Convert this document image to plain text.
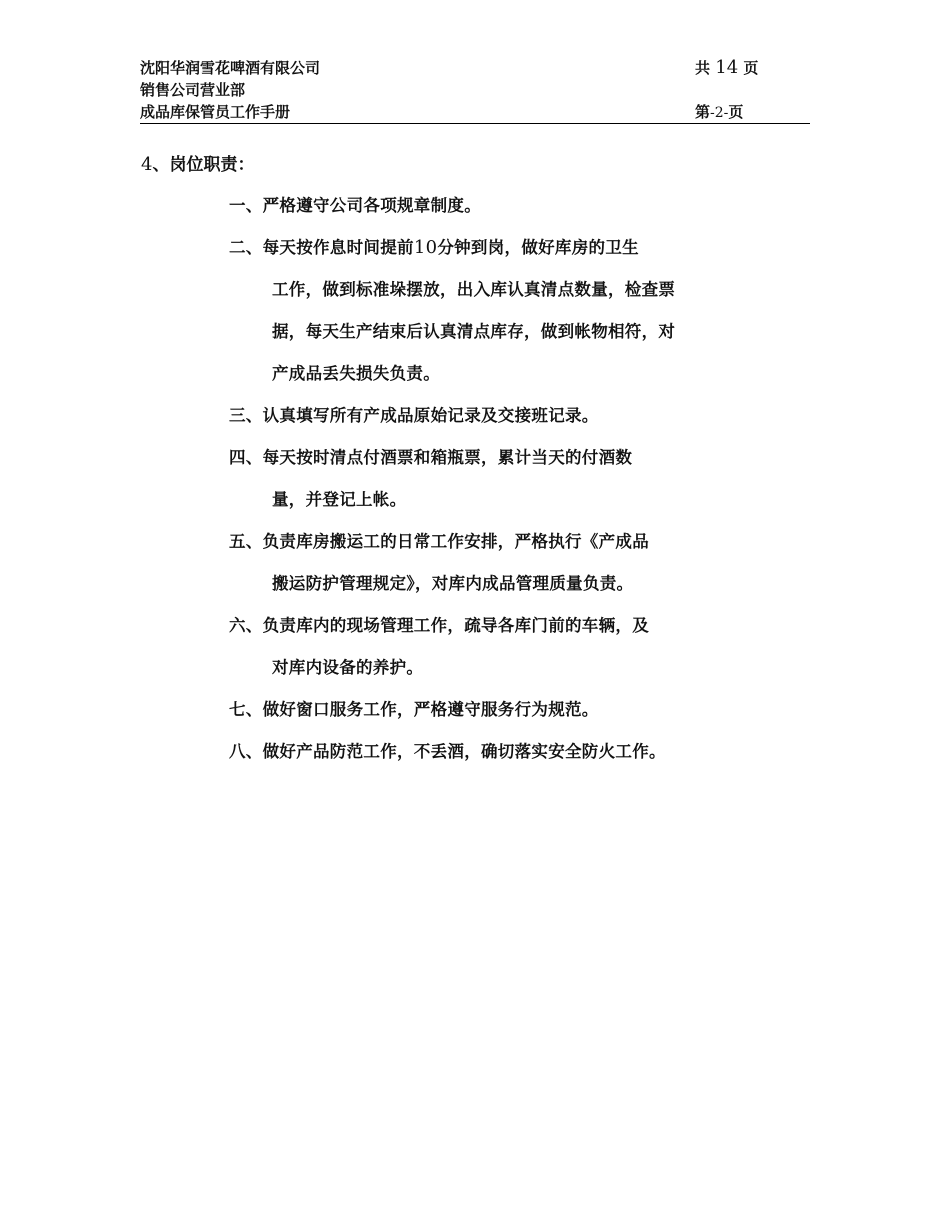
沈阳华润雪花啤酒有限公司
销售公司营业部
成品库保管员工作手册
共 14 页
第-2-页
4、岗位职责：
一、严格遵守公司各项规章制度。
二、每天按作息时间提前10分钟到岗，做好库房的卫生
工作，做到标准垛摆放，出入库认真清点数量，检查票
据，每天生产结束后认真清点库存，做到帐物相符，对
产成品丢失损失负责。
三、认真填写所有产成品原始记录及交接班记录。
四、每天按时清点付酒票和箱瓶票，累计当天的付酒数
量，并登记上帐。
五、负责库房搬运工的日常工作安排，严格执行《产成品
搬运防护管理规定》，对库内成品管理质量负责。
六、负责库内的现场管理工作，疏导各库门前的车辆，及
对库内设备的养护。
七、做好窗口服务工作，严格遵守服务行为规范。
八、做好产品防范工作，不丢酒，确切落实安全防火工作。
